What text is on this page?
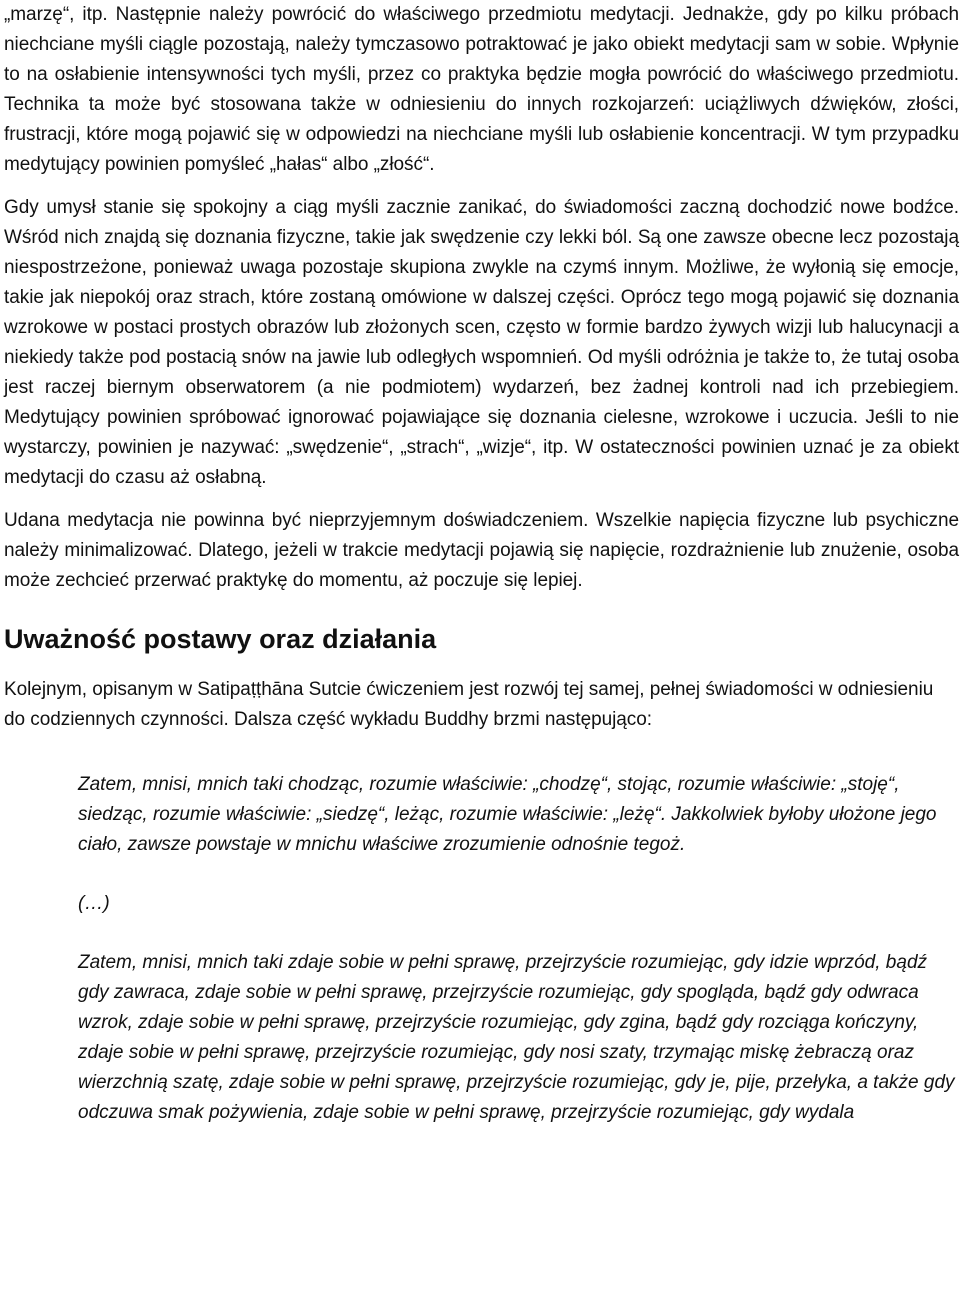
„marzę“, itp. Następnie należy powrócić do właściwego przedmiotu medytacji. Jednakże, gdy po kilku próbach niechciane myśli ciągle pozostają, należy tymczasowo potraktować je jako obiekt medytacji sam w sobie. Wpłynie to na osłabienie intensywności tych myśli, przez co praktyka będzie mogła powrócić do właściwego przedmiotu. Technika ta może być stosowana także w odniesieniu do innych rozkojarzeń: uciążliwych dźwięków, złości, frustracji, które mogą pojawić się w odpowiedzi na niechciane myśli lub osłabienie koncentracji. W tym przypadku medytujący powinien pomyśleć „hałas“ albo „złość“.

Gdy umysł stanie się spokojny a ciąg myśli zacznie zanikać, do świadomości zaczną dochodzić nowe bodźce. Wśród nich znajdą się doznania fizyczne, takie jak swędzenie czy lekki ból. Są one zawsze obecne lecz pozostają niespostrzeżone, ponieważ uwaga pozostaje skupiona zwykle na czymś innym. Możliwe, że wyłonią się emocje, takie jak niepokój oraz strach, które zostaną omówione w dalszej części. Oprócz tego mogą pojawić się doznania wzrokowe w postaci prostych obrazów lub złożonych scen, często w formie bardzo żywych wizji lub halucynacji a niekiedy także pod postacią snów na jawie lub odległych wspomnień. Od myśli odróżnia je także to, że tutaj osoba jest raczej biernym obserwatorem (a nie podmiotem) wydarzeń, bez żadnej kontroli nad ich przebiegiem. Medytujący powinien spróbować ignorować pojawiające się doznania cielesne, wzrokowe i uczucia. Jeśli to nie wystarczy, powinien je nazywać: „swędzenie“, „strach“, „wizje“, itp. W ostateczności powinien uznać je za obiekt medytacji do czasu aż osłabną.

Udana medytacja nie powinna być nieprzyjemnym doświadczeniem. Wszelkie napięcia fizyczne lub psychiczne należy minimalizować. Dlatego, jeżeli w trakcie medytacji pojawią się napięcie, rozdrażnienie lub znużenie, osoba może zechcieć przerwać praktykę do momentu, aż poczuje się lepiej.

Uważność postawy oraz działania

Kolejnym, opisanym w Satipaṭṭhāna Sutcie ćwiczeniem jest rozwój tej samej, pełnej świadomości w odniesieniu do codziennych czynności. Dalsza część wykładu Buddhy brzmi następująco:

Zatem, mnisi, mnich taki chodząc, rozumie właściwie: „chodzę“, stojąc, rozumie właściwie: „stoję“, siedząc, rozumie właściwie: „siedzę“, leżąc, rozumie właściwie: „leżę“. Jakkolwiek byłoby ułożone jego ciało, zawsze powstaje w mnichu właściwe zrozumienie odnośnie tegoż.

(…)

Zatem, mnisi, mnich taki zdaje sobie w pełni sprawę, przejrzyście rozumiejąc, gdy idzie wprzód, bądź gdy zawraca, zdaje sobie w pełni sprawę, przejrzyście rozumiejąc, gdy spogląda, bądź gdy odwraca wzrok, zdaje sobie w pełni sprawę, przejrzyście rozumiejąc, gdy zgina, bądź gdy rozciąga kończyny, zdaje sobie w pełni sprawę, przejrzyście rozumiejąc, gdy nosi szaty, trzymając miskę żebraczą oraz wierzchnią szatę, zdaje sobie w pełni sprawę, przejrzyście rozumiejąc, gdy je, pije, przełyka, a także gdy odczuwa smak pożywienia, zdaje sobie w pełni sprawę, przejrzyście rozumiejąc, gdy wydala
